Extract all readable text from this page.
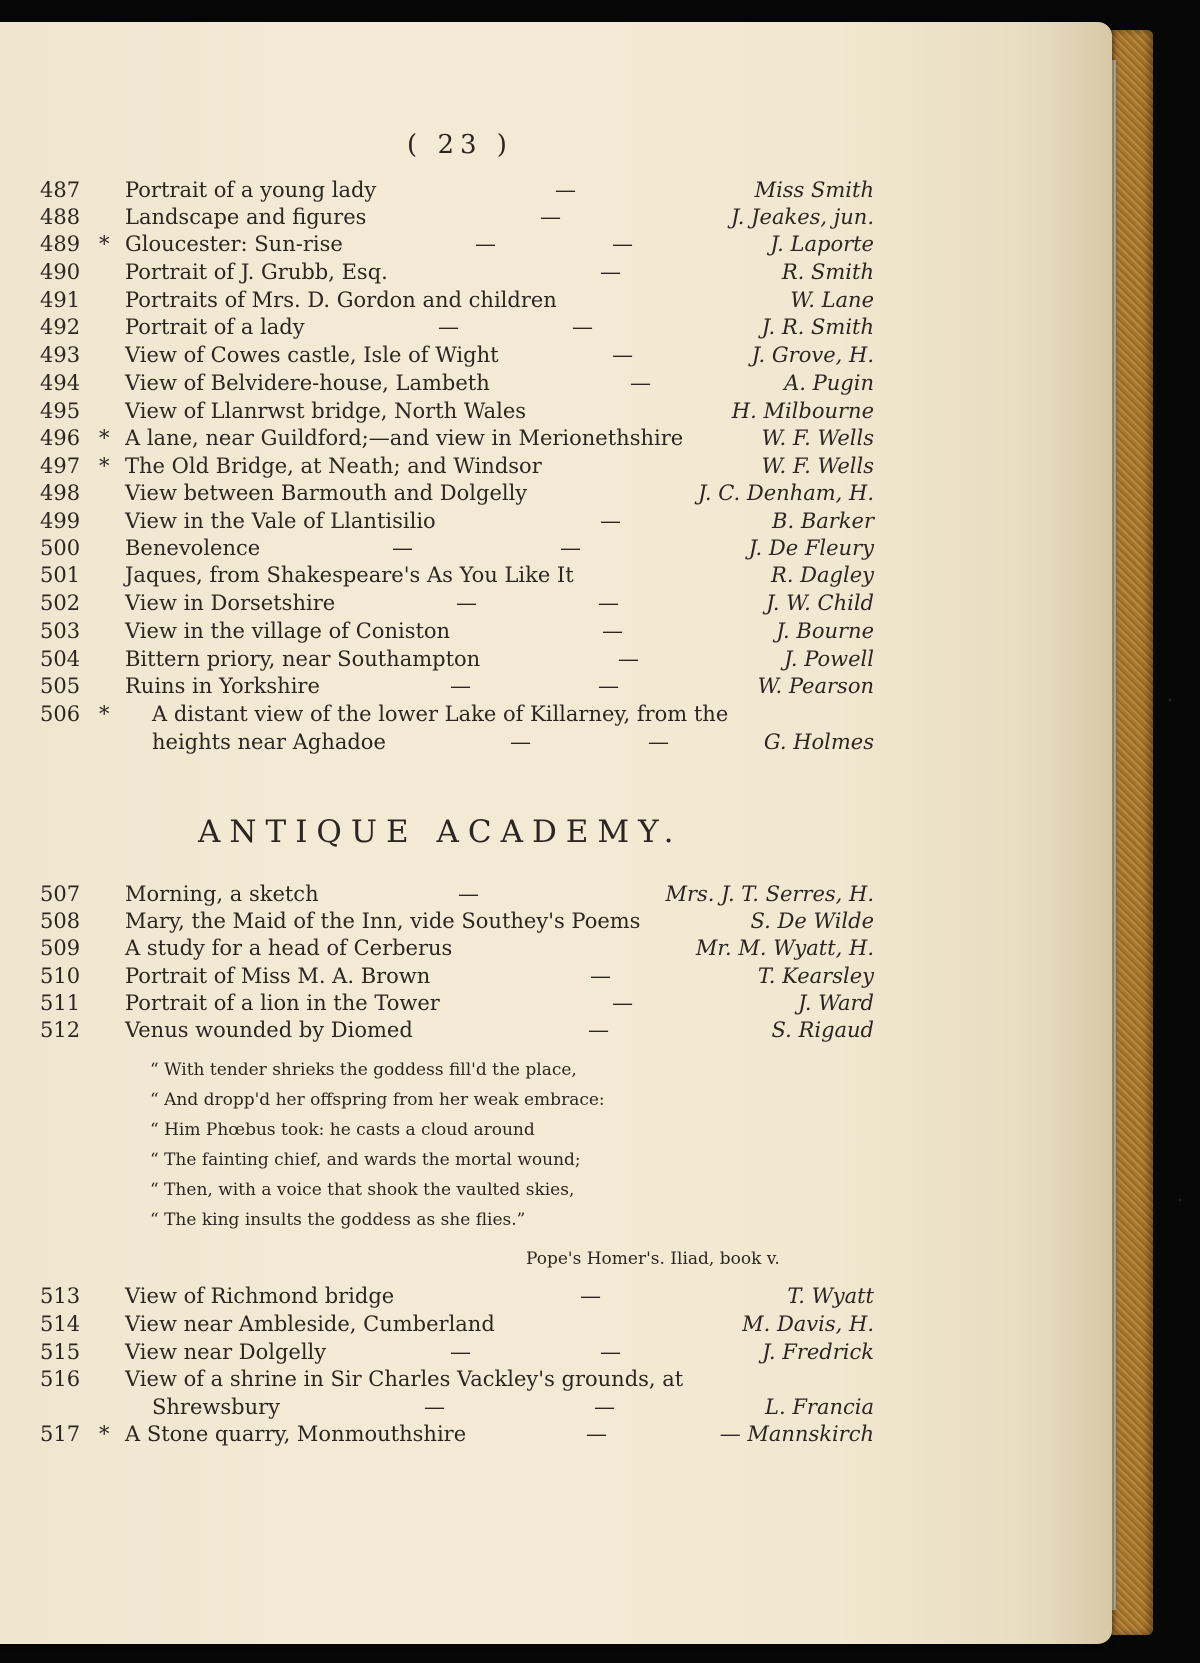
( 23 )
487	Portrait of a young lady	—	Miss Smith
488	Landscape and figures	—	J. Jeakes, jun.
489 * Gloucester: Sun-rise	—	—	J. Laporte
490	Portrait of J. Grubb, Esq.	—	R. Smith
491	Portraits of Mrs. D. Gordon and children	W. Lane
492	Portrait of a lady	—	—	J. R. Smith
493	View of Cowes castle, Isle of Wight	—	J. Grove, H.
494	View of Belvidere-house, Lambeth	—	A. Pugin
495	View of Llanrwst bridge, North Wales	H. Milbourne
496 * A lane, near Guildford;—and view in Merionethshire	W. F. Wells
497 * The Old Bridge, at Neath; and Windsor	W. F. Wells
498	View between Barmouth and Dolgelly	J. C. Denham, H.
499	View in the Vale of Llantisilio	—	B. Barker
500	Benevolence	—	—	J. De Fleury
501	Jaques, from Shakespeare's As You Like It	R. Dagley
502	View in Dorsetshire	—	—	J. W. Child
503	View in the village of Coniston	—	J. Bourne
504	Bittern priory, near Southampton	—	J. Powell
505	Ruins in Yorkshire	—	—	W. Pearson
506 * A distant view of the lower Lake of Killarney, from the
heights near Aghadoe	—	—	G. Holmes
ANTIQUE ACADEMY.
507	Morning, a sketch	—	Mrs. J. T. Serres, H.
508	Mary, the Maid of the Inn, vide Southey's Poems	S. De Wilde
509	A study for a head of Cerberus	Mr. M. Wyatt, H.
510	Portrait of Miss M. A. Brown	—	T. Kearsley
511	Portrait of a lion in the Tower	—	J. Ward
512	Venus wounded by Diomed	—	S. Rigaud
“ With tender shrieks the goddess fill'd the place,
“ And dropp'd her offspring from her weak embrace:
“ Him Phœbus took: he casts a cloud around
“ The fainting chief, and wards the mortal wound;
“ Then, with a voice that shook the vaulted skies,
“ The king insults the goddess as she flies.”
Pope's Homer's. Iliad, book v.
513	View of Richmond bridge	—	T. Wyatt
514	View near Ambleside, Cumberland	M. Davis, H.
515	View near Dolgelly	—	—	J. Fredrick
516	View of a shrine in Sir Charles Vackley's grounds, at
Shrewsbury	—	—	L. Francia
517 * A Stone quarry, Monmouthshire	—	— Mannskirch
